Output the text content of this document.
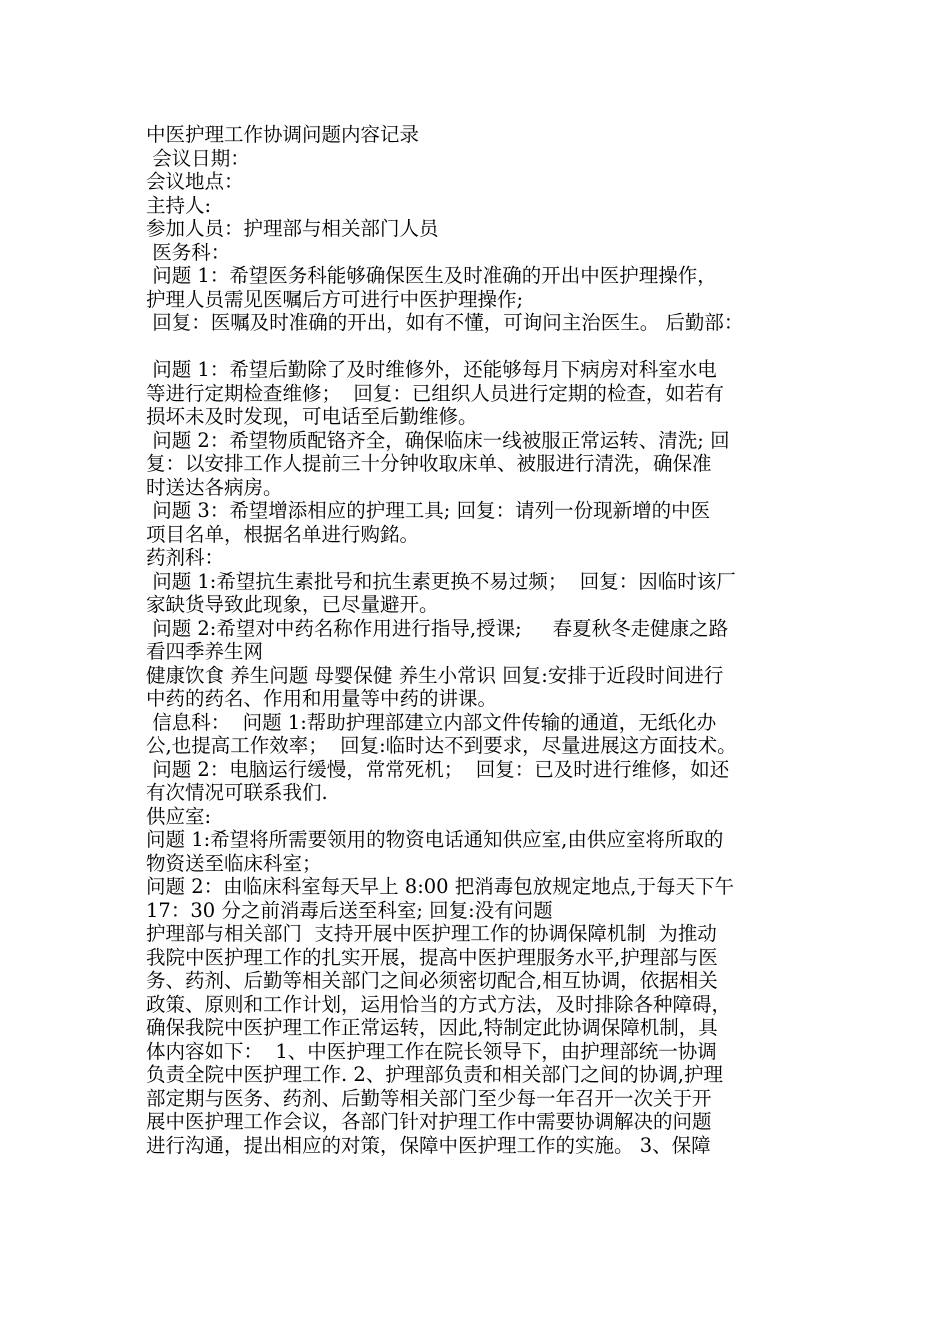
中医护理工作协调问题内容记录
会议日期：
会议地点：
主持人:
参加人员：护理部与相关部门人员
医务科：
问题 1：希望医务科能够确保医生及时准确的开出中医护理操作，
护理人员需见医嘱后方可进行中医护理操作;
回复：医嘱及时准确的开出，如有不懂，可询问主治医生。 后勤部：
问题 1：希望后勤除了及时维修外，还能够每月下病房对科室水电
等进行定期检查维修；  回复：已组织人员进行定期的检查，如若有
损坏未及时发现，可电话至后勤维修。
问题 2：希望物质配铬齐全，确保临床一线被服正常运转、清洗; 回
复：以安排工作人提前三十分钟收取床单、被服进行清洗，确保准
时送达各病房。
问题 3：希望增添相应的护理工具; 回复：请列一份现新增的中医
项目名单，根据名单进行购銘。
药剂科：
问题 1:希望抗生素批号和抗生素更换不易过频；  回复：因临时该厂
家缺货导致此现象，已尽量避开。
问题 2:希望对中药名称作用进行指导,授课;     春夏秋冬走健康之路
看四季养生网
健康饮食 养生问题 母婴保健 养生小常识 回复:安排于近段时间进行
中药的药名、作用和用量等中药的讲课。
信息科：  问题 1:帮助护理部建立内部文件传输的通道，无纸化办
公,也提高工作效率；  回复:临时达不到要求，尽量进展这方面技术。
问题 2：电脑运行缓慢，常常死机；  回复：已及时进行维修，如还
有次情况可联系我们.
供应室:
问题 1:希望将所需要领用的物资电话通知供应室,由供应室将所取的
物资送至临床科室；
问题 2：由临床科室每天早上 8:00 把消毒包放规定地点,于每天下午
17：30 分之前消毒后送至科室; 回复:没有问题
护理部与相关部门  支持开展中医护理工作的协调保障机制  为推动
我院中医护理工作的扎实开展，提高中医护理服务水平,护理部与医
务、药剂、后勤等相关部门之间必须密切配合,相互协调，依据相关
政策、原则和工作计划，运用恰当的方式方法，及时排除各种障碍，
确保我院中医护理工作正常运转，因此,特制定此协调保障机制，具
体内容如下：  1、中医护理工作在院长领导下，由护理部统一协调
负责全院中医护理工作. 2、护理部负责和相关部门之间的协调,护理
部定期与医务、药剂、后勤等相关部门至少每一年召开一次关于开
展中医护理工作会议，各部门针对护理工作中需要协调解决的问题
进行沟通，提出相应的对策，保障中医护理工作的实施。 3、保障
